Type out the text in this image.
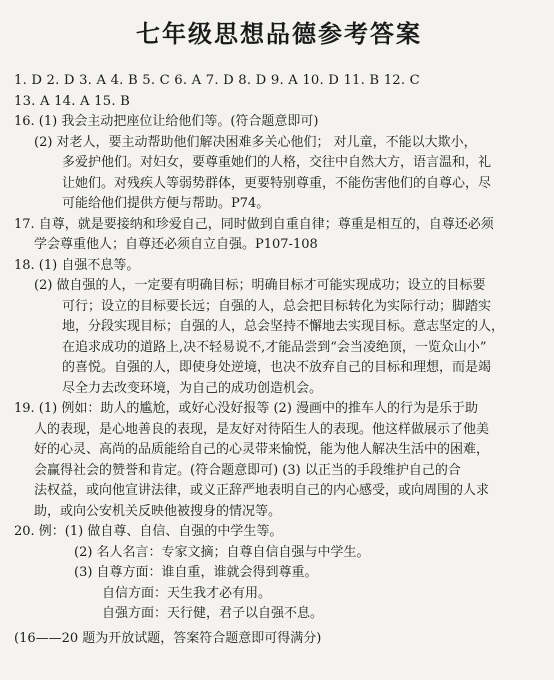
七年级思想品德参考答案
1. D 2. D 3. A 4. B 5. C 6. A 7. D 8. D 9. A 10. D 11. B 12. C
13. A 14. A 15. B
16. (1) 我会主动把座位让给他们等。(符合题意即可)
(2) 对老人，要主动帮助他们解决困难多关心他们； 对儿童，不能以大欺小，
多爱护他们。对妇女，要尊重她们的人格，交往中自然大方，语言温和，礼
让她们。对残疾人等弱势群体，更要特别尊重，不能伤害他们的自尊心，尽
可能给他们提供方便与帮助。P74。
17. 自尊，就是要接纳和珍爱自己，同时做到自重自律；尊重是相互的，自尊还必须
学会尊重他人；自尊还必须自立自强。P107-108
18. (1) 自强不息等。
(2) 做自强的人，一定要有明确目标；明确目标才可能实现成功；设立的目标要
可行；设立的目标要长远；自强的人，总会把目标转化为实际行动；脚踏实
地，分段实现目标；自强的人，总会坚持不懈地去实现目标。意志坚定的人，
在追求成功的道路上,决不轻易说不,才能品尝到“会当凌绝顶，一览众山小”
的喜悦。自强的人，即使身处逆境，也决不放弃自己的目标和理想，而是竭
尽全力去改变环境，为自己的成功创造机会。
19. (1) 例如：助人的尴尬，或好心没好报等 (2) 漫画中的推车人的行为是乐于助
人的表现，是心地善良的表现，是友好对待陌生人的表现。他这样做展示了他美
好的心灵、高尚的品质能给自己的心灵带来愉悦，能为他人解决生活中的困难，
会赢得社会的赞誉和肯定。(符合题意即可) (3) 以正当的手段维护自己的合
法权益，或向他宣讲法律，或义正辞严地表明自己的内心感受，或向周围的人求
助，或向公安机关反映他被搜身的情况等。
20. 例：(1) 做自尊、自信、自强的中学生等。
(2) 名人名言：专家文摘；自尊自信自强与中学生。
(3) 自尊方面：谁自重，谁就会得到尊重。
自信方面：天生我才必有用。
自强方面：天行健，君子以自强不息。
(16——20 题为开放试题，答案符合题意即可得满分)
